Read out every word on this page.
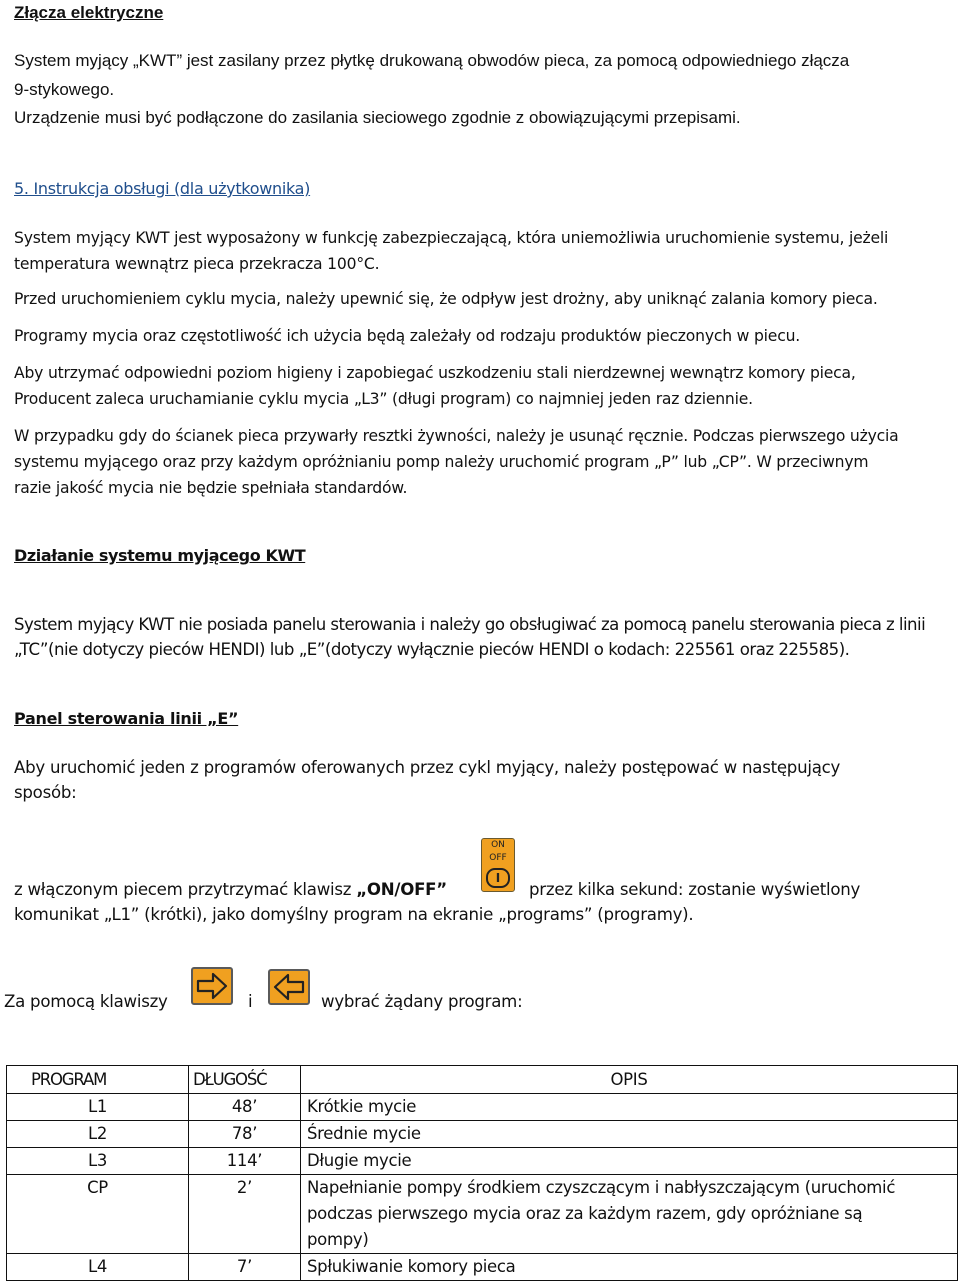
Złącza elektryczne
System myjący „KWT” jest zasilany przez płytkę drukowaną obwodów pieca, za pomocą odpowiedniego złącza
9-stykowego.
Urządzenie musi być podłączone do zasilania sieciowego zgodnie z obowiązującymi przepisami.
5. Instrukcja obsługi (dla użytkownika)
System myjący KWT jest wyposażony w funkcję zabezpieczającą, która uniemożliwia uruchomienie systemu, jeżeli
temperatura wewnątrz pieca przekracza 100°C.
Przed uruchomieniem cyklu mycia, należy upewnić się, że odpływ jest drożny, aby uniknąć zalania komory pieca.
Programy mycia oraz częstotliwość ich użycia będą zależały od rodzaju produktów pieczonych w piecu.
Aby utrzymać odpowiedni poziom higieny i zapobiegać uszkodzeniu stali nierdzewnej wewnątrz komory pieca,
Producent zaleca uruchamianie cyklu mycia „L3” (długi program) co najmniej jeden raz dziennie.
W przypadku gdy do ścianek pieca przywarły resztki żywności, należy je usunąć ręcznie. Podczas pierwszego użycia
systemu myjącego oraz przy każdym opróżnianiu pomp należy uruchomić program „P” lub „CP”. W przeciwnym
razie jakość mycia nie będzie spełniała standardów.
Działanie systemu myjącego KWT
System myjący KWT nie posiada panelu sterowania i należy go obsługiwać za pomocą panelu sterowania pieca z linii
„TC”(nie dotyczy pieców HENDI) lub „E”(dotyczy wyłącznie pieców HENDI o kodach: 225561 oraz 225585).
Panel sterowania linii „E”
Aby uruchomić jeden z programów oferowanych przez cykl myjący, należy postępować w następujący
sposób:
ON
OFF
I
z włączonym piecem przytrzymać klawisz „ON/OFF”	przez kilka sekund: zostanie wyświetlony
komunikat „L1” (krótki), jako domyślny program na ekranie „programs” (programy).
Za pomocą klawiszy	i	wybrać żądany program:
PROGRAM	DŁUGOŚĆ	OPIS
L1	48’	Krótkie mycie
L2	78’	Średnie mycie
L3	114’	Długie mycie
CP	2’	Napełnianie pompy środkiem czyszczącym i nabłyszczającym (uruchomić podczas pierwszego mycia oraz za każdym razem, gdy opróżniane są pompy)
L4	7’	Spłukiwanie komory pieca
